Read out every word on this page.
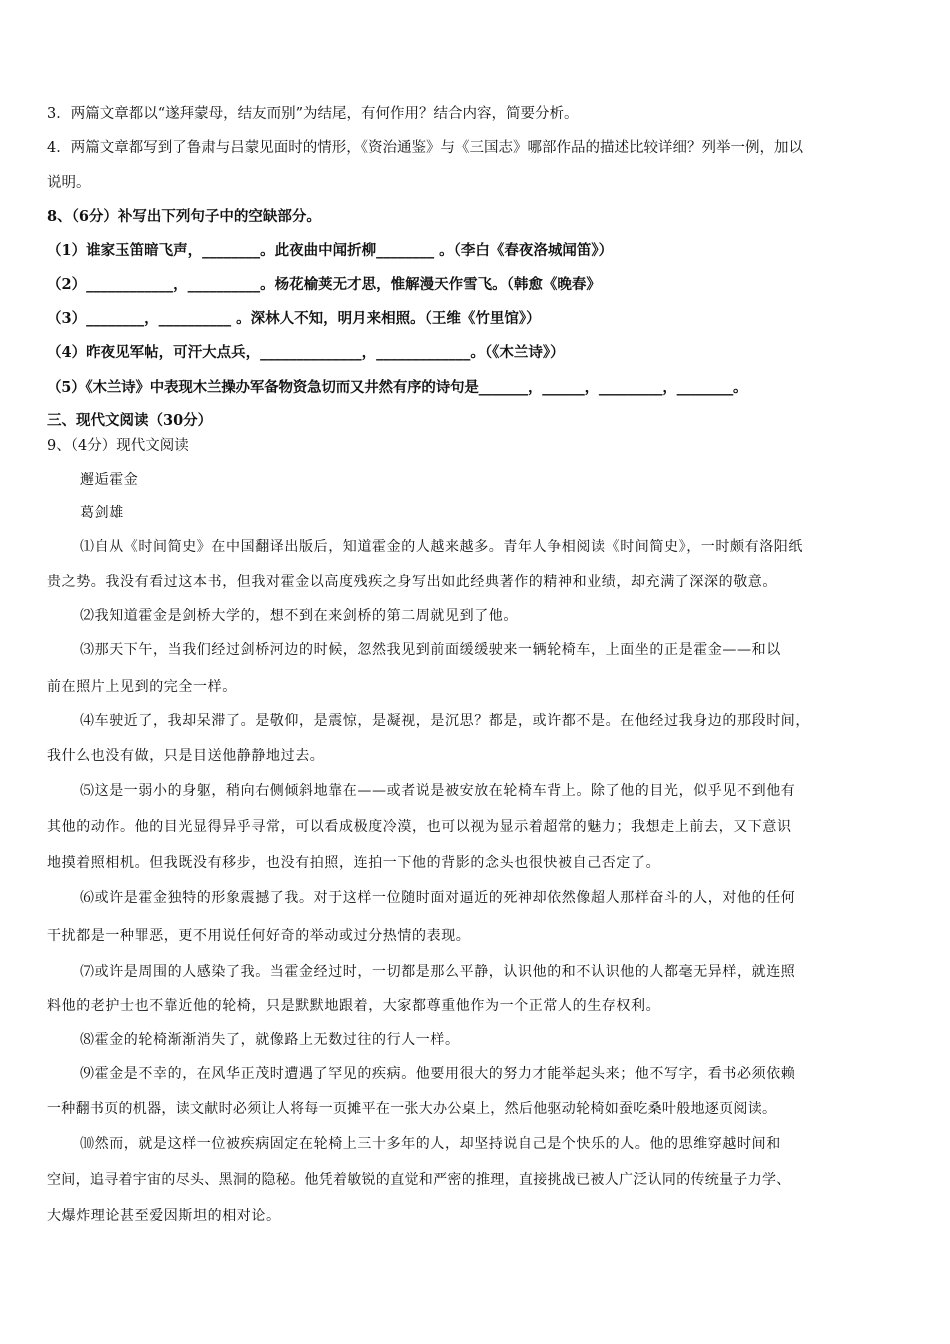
3．两篇文章都以“遂拜蒙母，结友而别”为结尾，有何作用？结合内容，简要分析。
4．两篇文章都写到了鲁肃与吕蒙见面时的情形，《资治通鉴》与《三国志》哪部作品的描述比较详细？列举一例，加以
说明。
8、（6分）补写出下列句子中的空缺部分。
（1）谁家玉笛暗飞声，________。此夜曲中闻折柳________ 。（李白《春夜洛城闻笛》）
（2）____________，__________。杨花榆荚无才思，惟解漫天作雪飞。（韩愈《晚春》
（3）________，__________ 。深林人不知，明月来相照。（王维《竹里馆》）
（4）昨夜见军帖，可汗大点兵，______________，_____________。（《木兰诗》）
（5）《木兰诗》中表现木兰操办军备物资急切而又井然有序的诗句是_______，______，_________，________。
三、现代文阅读（30分）
9、（4分）现代文阅读
邂逅霍金
葛剑雄
⑴自从《时间简史》在中国翻译出版后，知道霍金的人越来越多。青年人争相阅读《时间简史》，一时颇有洛阳纸
贵之势。我没有看过这本书，但我对霍金以高度残疾之身写出如此经典著作的精神和业绩，却充满了深深的敬意。
⑵我知道霍金是剑桥大学的，想不到在来剑桥的第二周就见到了他。
⑶那天下午，当我们经过剑桥河边的时候，忽然我见到前面缓缓驶来一辆轮椅车，上面坐的正是霍金——和以
前在照片上见到的完全一样。
⑷车驶近了，我却呆滞了。是敬仰，是震惊，是凝视，是沉思？都是，或许都不是。在他经过我身边的那段时间，
我什么也没有做，只是目送他静静地过去。
⑸这是一弱小的身躯，稍向右侧倾斜地靠在——或者说是被安放在轮椅车背上。除了他的目光，似乎见不到他有
其他的动作。他的目光显得异乎寻常，可以看成极度冷漠，也可以视为显示着超常的魅力；我想走上前去，又下意识
地摸着照相机。但我既没有移步，也没有拍照，连拍一下他的背影的念头也很快被自己否定了。
⑹或许是霍金独特的形象震撼了我。对于这样一位随时面对逼近的死神却依然像超人那样奋斗的人，对他的任何
干扰都是一种罪恶，更不用说任何好奇的举动或过分热情的表现。
⑺或许是周围的人感染了我。当霍金经过时，一切都是那么平静，认识他的和不认识他的人都毫无异样，就连照
料他的老护士也不靠近他的轮椅，只是默默地跟着，大家都尊重他作为一个正常人的生存权利。
⑻霍金的轮椅渐渐消失了，就像路上无数过往的行人一样。
⑼霍金是不幸的，在风华正茂时遭遇了罕见的疾病。他要用很大的努力才能举起头来；他不写字，看书必须依赖
一种翻书页的机器，读文献时必须让人将每一页摊平在一张大办公桌上，然后他驱动轮椅如蚕吃桑叶般地逐页阅读。
⑽然而，就是这样一位被疾病固定在轮椅上三十多年的人，却坚持说自己是个快乐的人。他的思维穿越时间和
空间，追寻着宇宙的尽头、黑洞的隐秘。他凭着敏锐的直觉和严密的推理，直接挑战已被人广泛认同的传统量子力学、
大爆炸理论甚至爱因斯坦的相对论。
